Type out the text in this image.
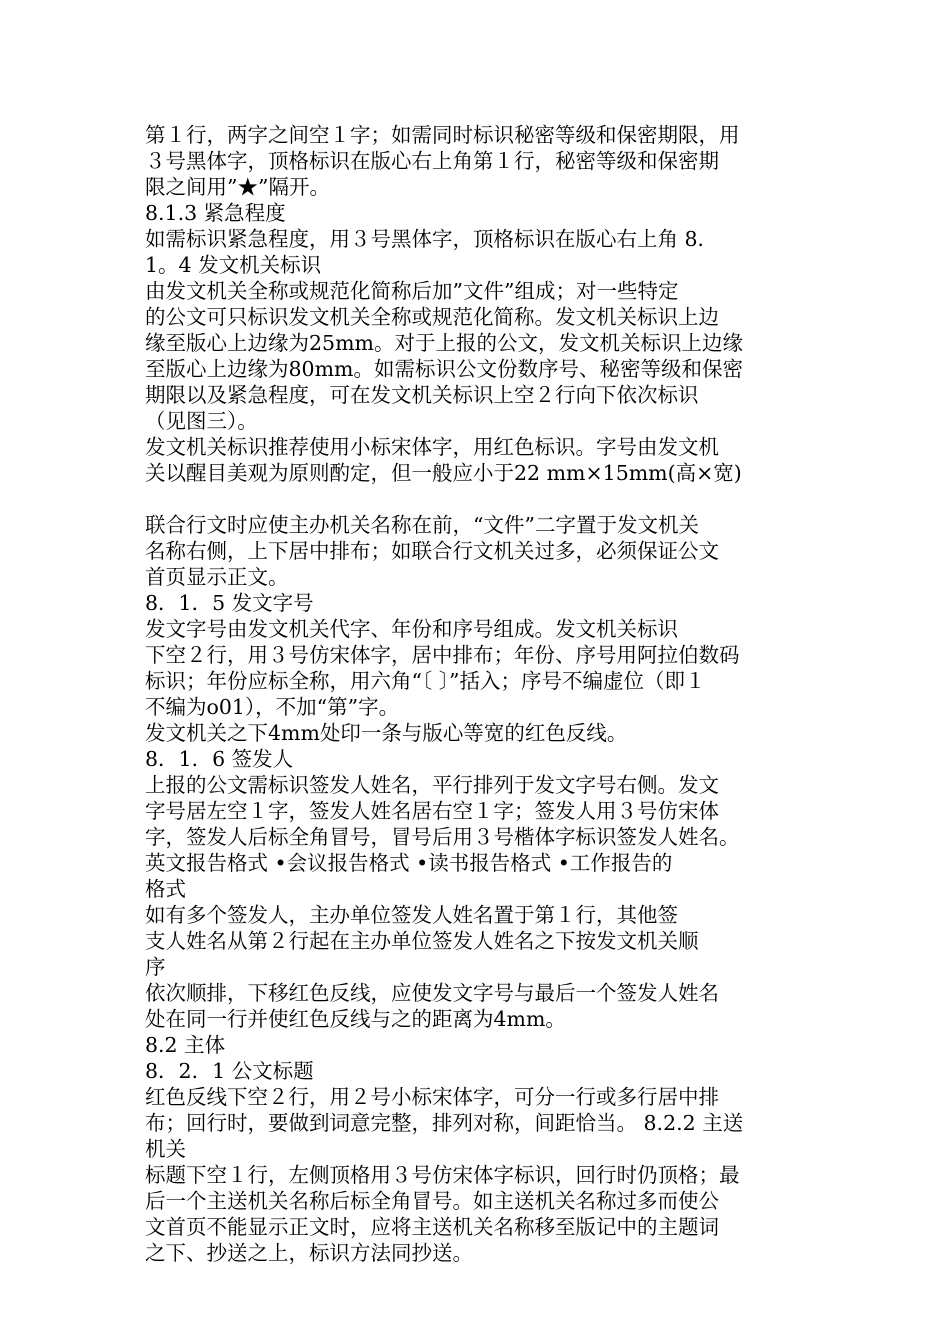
第１行，两字之间空１字；如需同时标识秘密等级和保密期限，用
３号黑体字，顶格标识在版心右上角第１行，秘密等级和保密期
限之间用”★”隔开。
8.1.3 紧急程度
如需标识紧急程度，用３号黑体字，顶格标识在版心右上角 8．
1。4 发文机关标识
由发文机关全称或规范化简称后加”文件”组成；对一些特定
的公文可只标识发文机关全称或规范化简称。发文机关标识上边
缘至版心上边缘为25mm。对于上报的公文，发文机关标识上边缘
至版心上边缘为80mm。如需标识公文份数序号、秘密等级和保密
期限以及紧急程度，可在发文机关标识上空２行向下依次标识
（见图三）。
发文机关标识推荐使用小标宋体字，用红色标识。字号由发文机
关以醒目美观为原则酌定，但一般应小于22 mm×15mm(高×宽)
联合行文时应使主办机关名称在前，“文件”二字置于发文机关
名称右侧，上下居中排布；如联合行文机关过多，必须保证公文
首页显示正文。
8．1．5 发文字号
发文字号由发文机关代字、年份和序号组成。发文机关标识
下空２行，用３号仿宋体字，居中排布；年份、序号用阿拉伯数码
标识；年份应标全称，用六角“〔 〕”括入；序号不编虚位（即１
不编为o01），不加“第”字。
发文机关之下4mm处印一条与版心等宽的红色反线。
8．1．6 签发人
上报的公文需标识签发人姓名，平行排列于发文字号右侧。发文
字号居左空１字，签发人姓名居右空１字；签发人用３号仿宋体
字，签发人后标全角冒号，冒号后用３号楷体字标识签发人姓名。
英文报告格式 •会议报告格式 •读书报告格式 •工作报告的
格式
如有多个签发人，主办单位签发人姓名置于第１行，其他签
支人姓名从第２行起在主办单位签发人姓名之下按发文机关顺
序
依次顺排，下移红色反线，应使发文字号与最后一个签发人姓名
处在同一行并使红色反线与之的距离为4mm。
8.2 主体
8．2．1 公文标题
红色反线下空２行，用２号小标宋体字，可分一行或多行居中排
布；回行时，要做到词意完整，排列对称，间距恰当。 8.2.2 主送
机关
标题下空１行，左侧顶格用３号仿宋体字标识，回行时仍顶格；最
后一个主送机关名称后标全角冒号。如主送机关名称过多而使公
文首页不能显示正文时，应将主送机关名称移至版记中的主题词
之下、抄送之上，标识方法同抄送。
